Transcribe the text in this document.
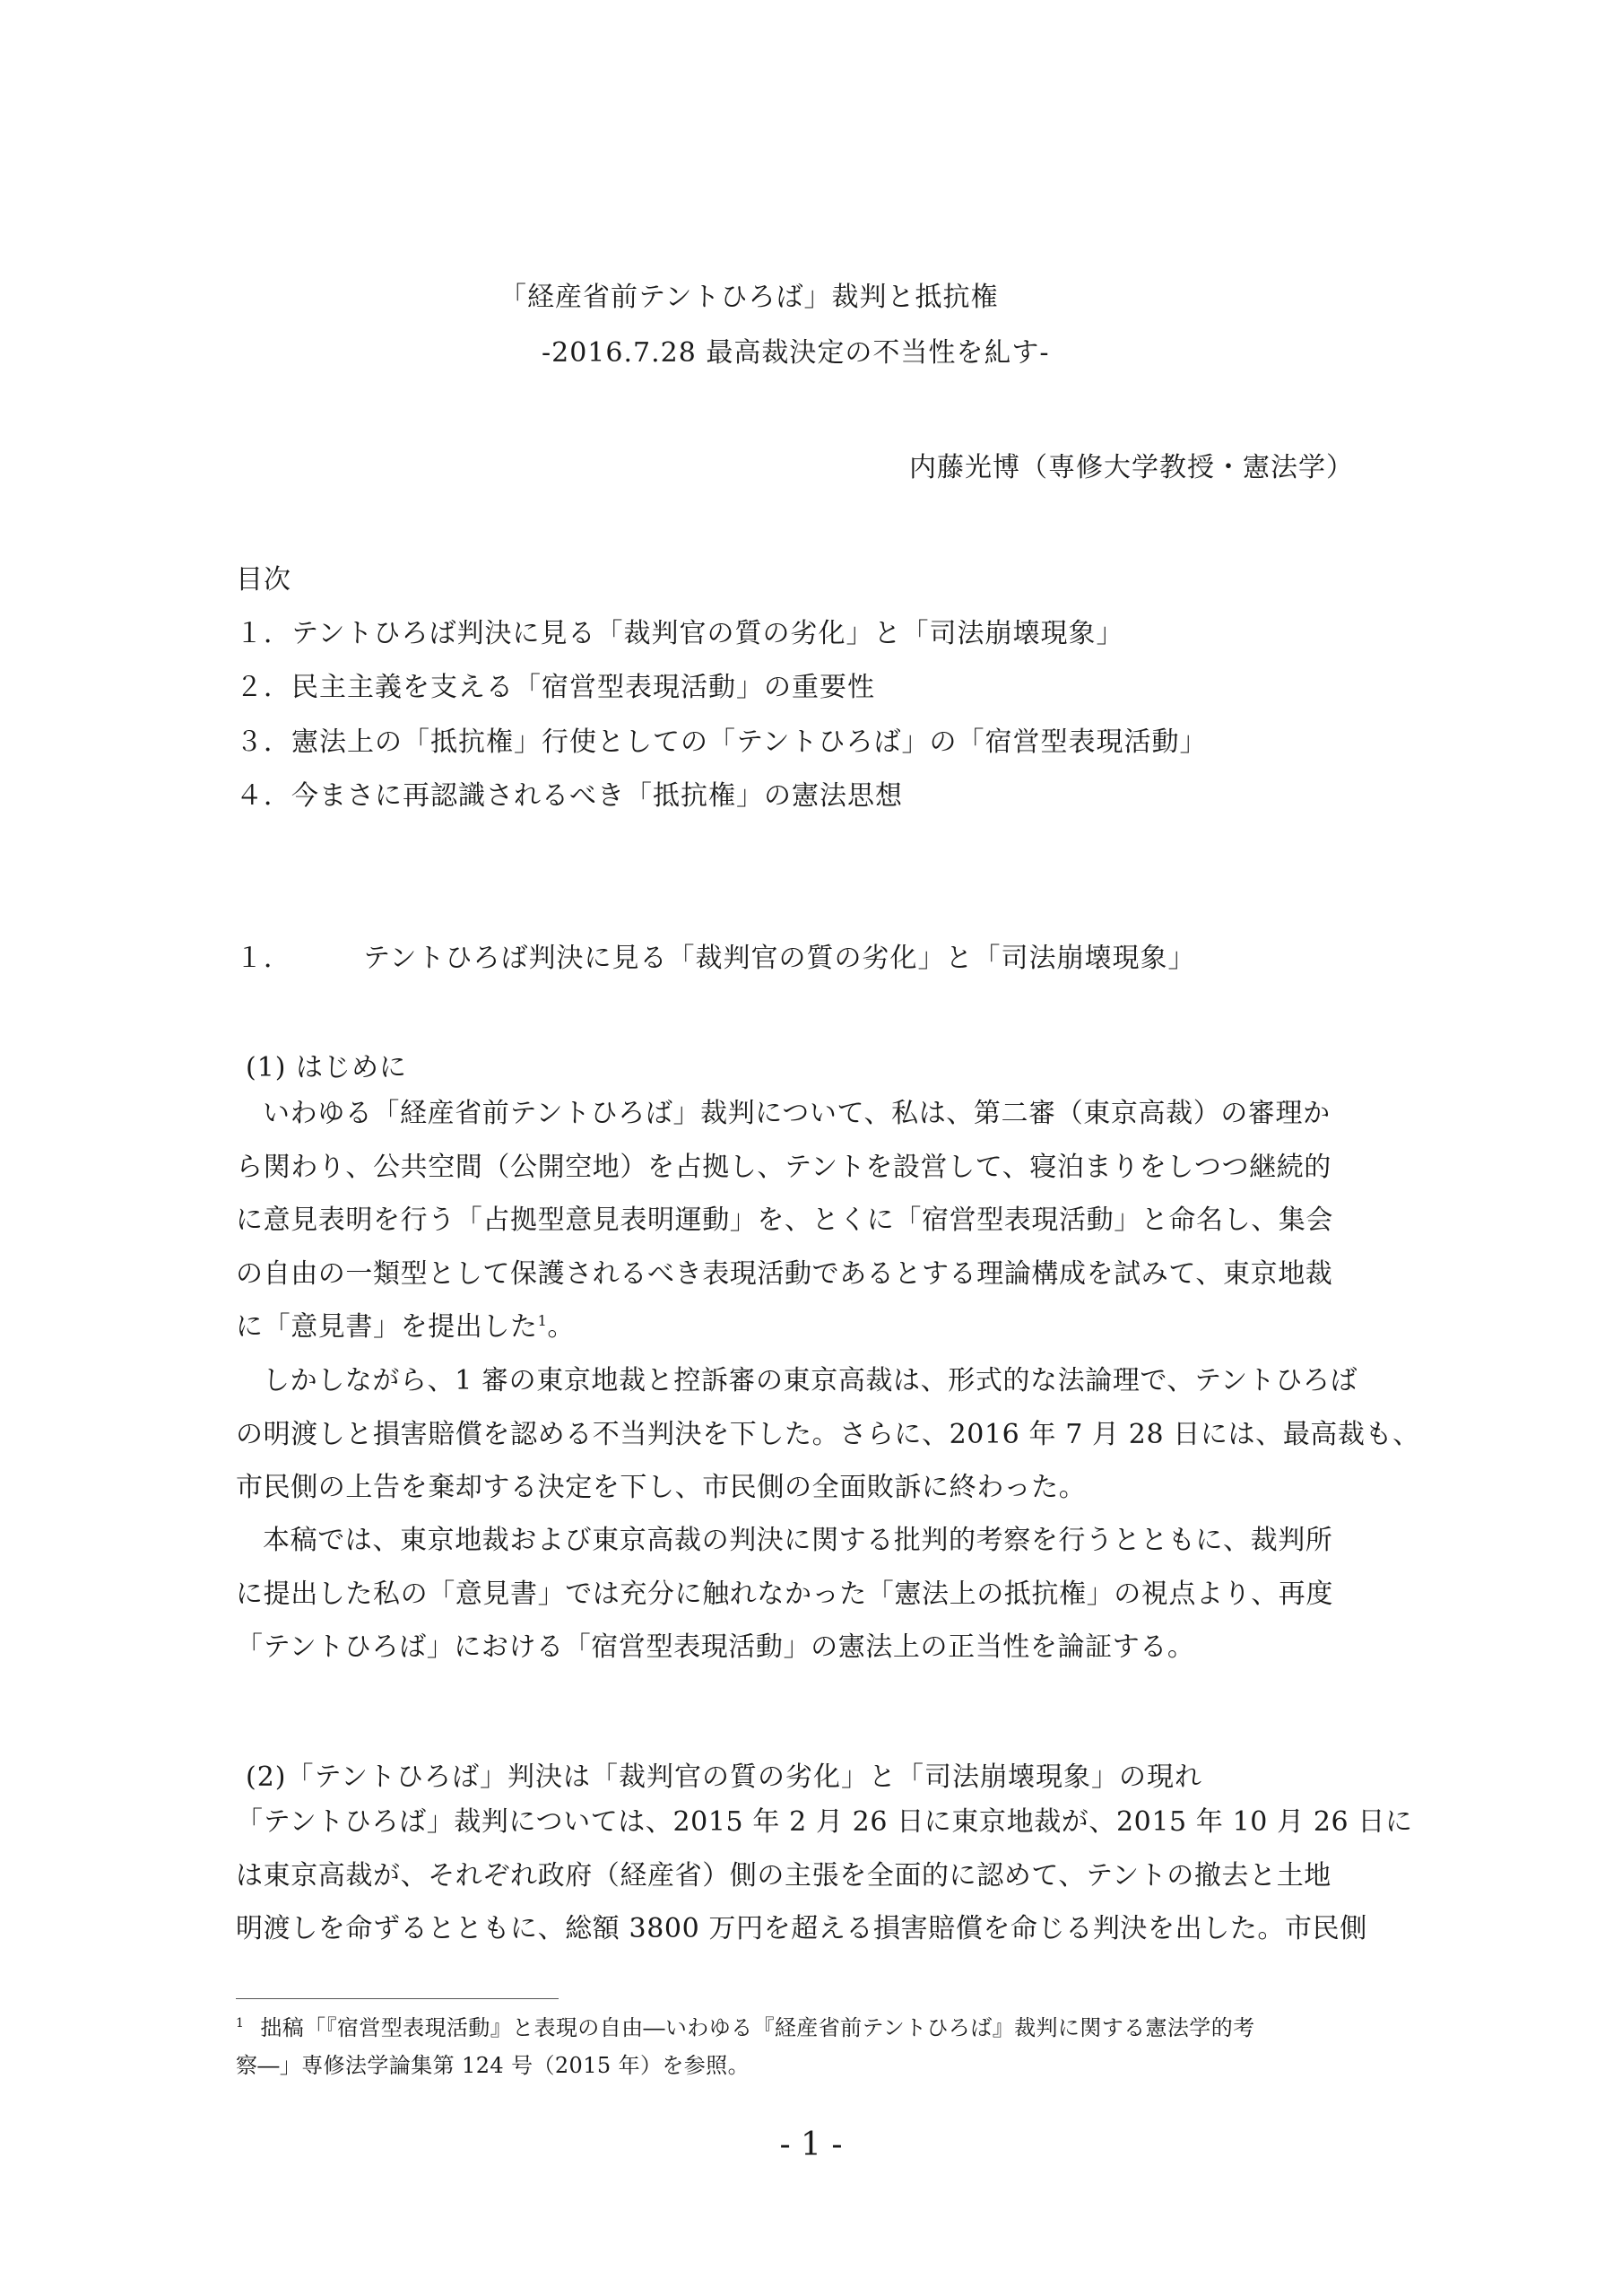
「経産省前テントひろば」裁判と抵抗権
-2016.7.28 最高裁決定の不当性を糺す-
内藤光博（専修大学教授・憲法学）
目次
１．テントひろば判決に見る「裁判官の質の劣化」と「司法崩壊現象」
２．民主主義を支える「宿営型表現活動」の重要性
３．憲法上の「抵抗権」行使としての「テントひろば」の「宿営型表現活動」
４．今まさに再認識されるべき「抵抗権」の憲法思想
１．	テントひろば判決に見る「裁判官の質の劣化」と「司法崩壊現象」
(1) はじめに
いわゆる「経産省前テントひろば」裁判について、私は、第二審（東京高裁）の審理か
ら関わり、公共空間（公開空地）を占拠し、テントを設営して、寝泊まりをしつつ継続的
に意見表明を行う「占拠型意見表明運動」を、とくに「宿営型表現活動」と命名し、集会
の自由の一類型として保護されるべき表現活動であるとする理論構成を試みて、東京地裁
に「意見書」を提出した$^1$。
しかしながら、1 審の東京地裁と控訴審の東京高裁は、形式的な法論理で、テントひろば
の明渡しと損害賠償を認める不当判決を下した。さらに、2016 年 7 月 28 日には、最高裁も、
市民側の上告を棄却する決定を下し、市民側の全面敗訴に終わった。
本稿では、東京地裁および東京高裁の判決に関する批判的考察を行うとともに、裁判所
に提出した私の「意見書」では充分に触れなかった「憲法上の抵抗権」の視点より、再度
「テントひろば」における「宿営型表現活動」の憲法上の正当性を論証する。
(2)「テントひろば」判決は「裁判官の質の劣化」と「司法崩壊現象」の現れ
「テントひろば」裁判については、2015 年 2 月 26 日に東京地裁が、2015 年 10 月 26 日に
は東京高裁が、それぞれ政府（経産省）側の主張を全面的に認めて、テントの撤去と土地
明渡しを命ずるとともに、総額 3800 万円を超える損害賠償を命じる判決を出した。市民側
$^1$ 拙稿「『宿営型表現活動』と表現の自由―いわゆる『経産省前テントひろば』裁判に関する憲法学的考
察―」専修法学論集第 124 号（2015 年）を参照。
- 1 -
